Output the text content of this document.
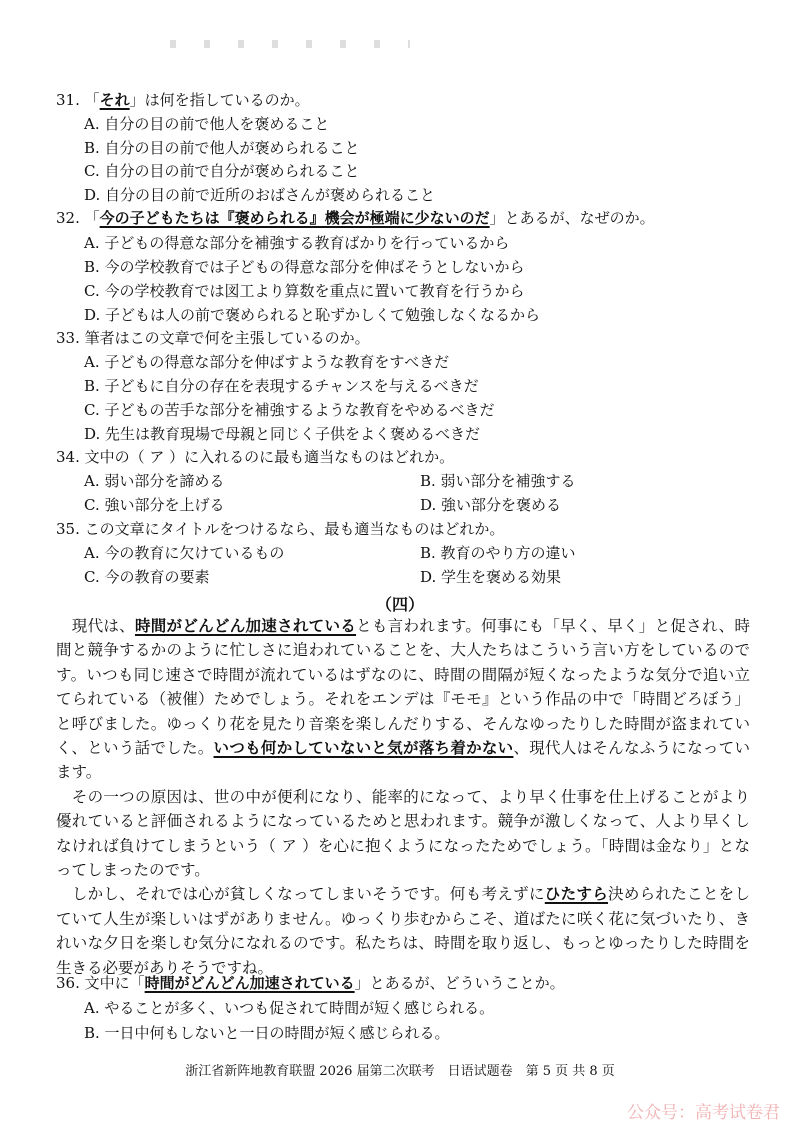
31. 「それ」は何を指しているのか。
A. 自分の目の前で他人を褒めること
B. 自分の目の前で他人が褒められること
C. 自分の目の前で自分が褒められること
D. 自分の目の前で近所のおばさんが褒められること
32. 「今の子どもたちは『褒められる』機会が極端に少ないのだ」とあるが、なぜのか。
A. 子どもの得意な部分を補強する教育ばかりを行っているから
B. 今の学校教育では子どもの得意な部分を伸ばそうとしないから
C. 今の学校教育では図工より算数を重点に置いて教育を行うから
D. 子どもは人の前で褒められると恥ずかしくて勉強しなくなるから
33. 筆者はこの文章で何を主張しているのか。
A. 子どもの得意な部分を伸ばすような教育をすべきだ
B. 子どもに自分の存在を表現するチャンスを与えるべきだ
C. 子どもの苦手な部分を補強するような教育をやめるべきだ
D. 先生は教育現場で母親と同じく子供をよく褒めるべきだ
34. 文中の（ ア ）に入れるのに最も適当なものはどれか。
A. 弱い部分を諦める	B. 弱い部分を補強する
C. 強い部分を上げる	D. 強い部分を褒める
35. この文章にタイトルをつけるなら、最も適当なものはどれか。
A. 今の教育に欠けているもの	B. 教育のやり方の違い
C. 今の教育の要素	D. 学生を褒める効果
（四）

　現代は、時間がどんどん加速されているとも言われます。何事にも「早く、早く」と促され、時間と競争するかのように忙しさに追われていることを、大人たちはこういう言い方をしているのです。いつも同じ速さで時間が流れているはずなのに、時間の間隔が短くなったような気分で追い立てられている（被催）ためでしょう。それをエンデは『モモ』という作品の中で「時間どろぼう」と呼びました。ゆっくり花を見たり音楽を楽しんだりする、そんなゆったりした時間が盗まれていく、という話でした。いつも何かしていないと気が落ち着かない、現代人はそんなふうになっています。

　その一つの原因は、世の中が便利になり、能率的になって、より早く仕事を仕上げることがより優れていると評価されるようになっているためと思われます。競争が激しくなって、人より早くしなければ負けてしまうという（ ア ）を心に抱くようになったためでしょう。「時間は金なり」となってしまったのです。

　しかし、それでは心が貧しくなってしまいそうです。何も考えずにひたすら決められたことをしていて人生が楽しいはずがありません。ゆっくり歩むからこそ、道ばたに咲く花に気づいたり、きれいな夕日を楽しむ気分になれるのです。私たちは、時間を取り返し、もっとゆったりした時間を生きる必要がありそうですね。

36. 文中に「時間がどんどん加速されている」とあるが、どういうことか。
A. やることが多く、いつも促されて時間が短く感じられる。
B. 一日中何もしないと一日の時間が短く感じられる。
浙江省新阵地教育联盟 2026 届第二次联考　日语试题卷　第 5 页 共 8 页
公众号：高考试卷君
